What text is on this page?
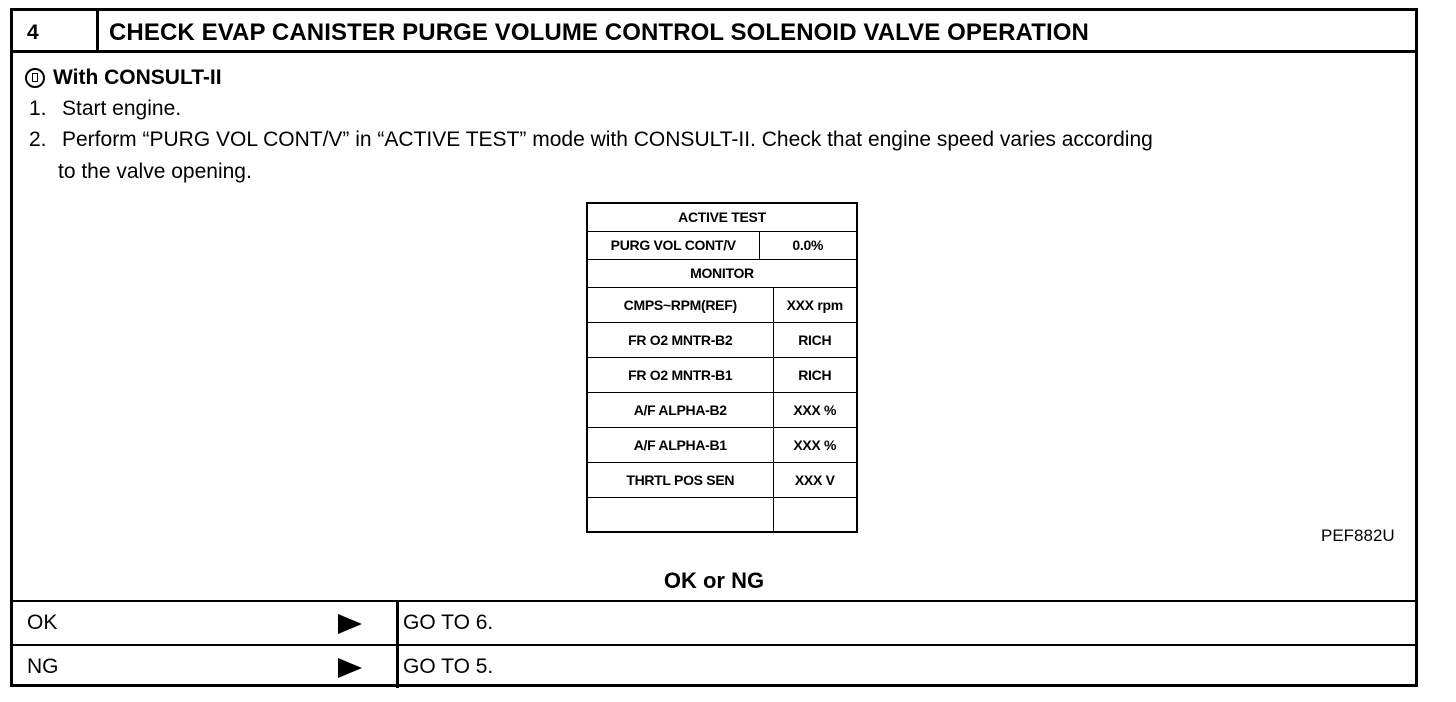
4	CHECK EVAP CANISTER PURGE VOLUME CONTROL SOLENOID VALVE OPERATION
With CONSULT-II
1. Start engine.
2. Perform “PURG VOL CONT/V” in “ACTIVE TEST” mode with CONSULT-II. Check that engine speed varies according
to the valve opening.
ACTIVE TEST		
PURG VOL CONT/V	0.0%	
MONITOR		
CMPS~RPM(REF)		XXX rpm
FR O2 MNTR-B2		RICH
FR O2 MNTR-B1		RICH
A/F ALPHA-B2		XXX %
A/F ALPHA-B1		XXX %
THRTL POS SEN		XXX V

PEF882U
OK or NG
OK	GO TO 6.
NG	GO TO 5.
